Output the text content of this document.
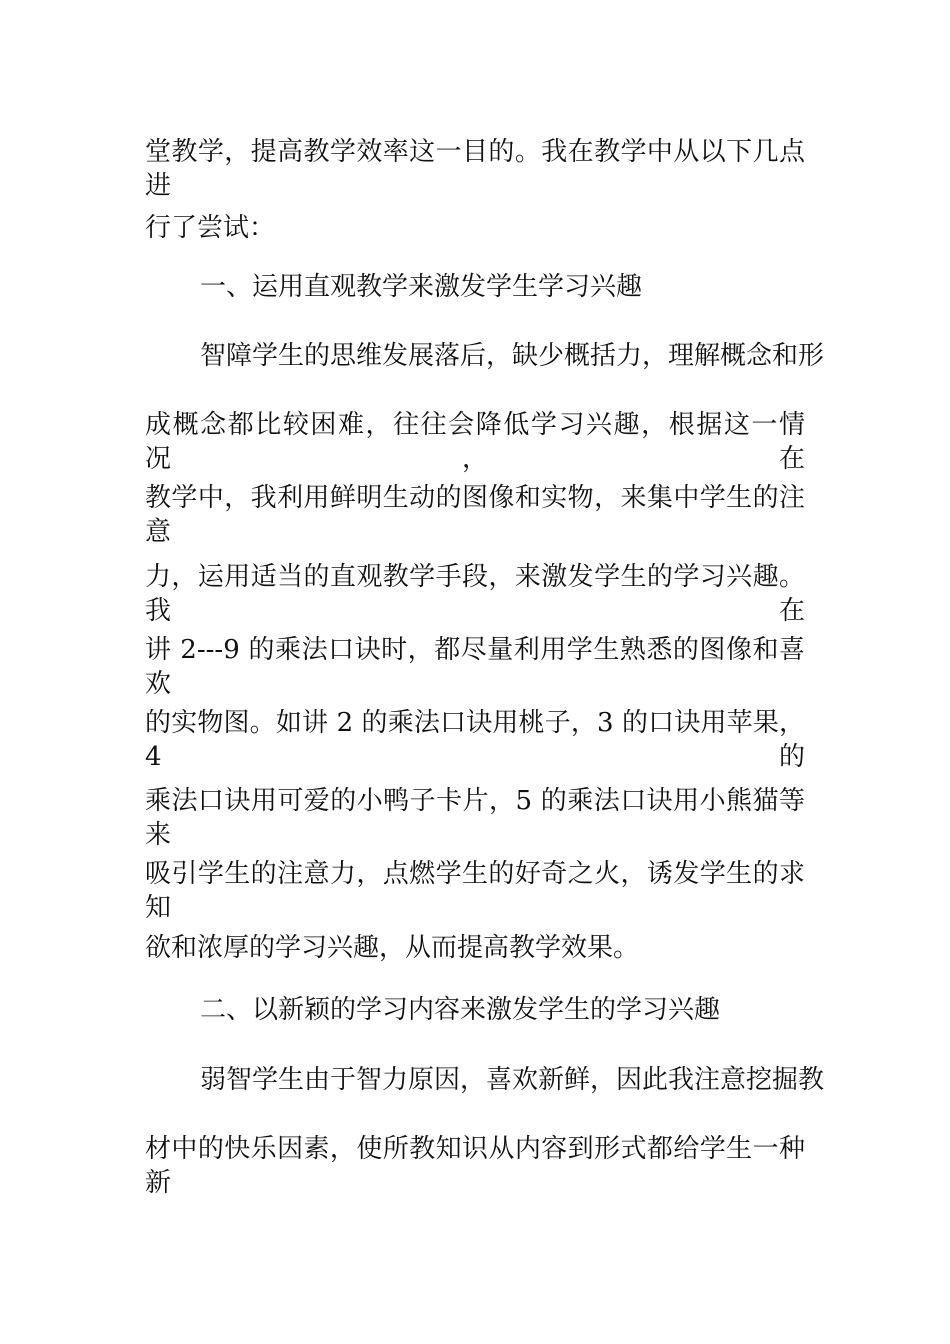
堂教学，提高教学效率这一目的。我在教学中从以下几点进

行了尝试：

一、运用直观教学来激发学生学习兴趣

智障学生的思维发展落后，缺少概括力，理解概念和形

成概念都比较困难，往往会降低学习兴趣，根据这一情况，在

教学中，我利用鲜明生动的图像和实物，来集中学生的注意

力，运用适当的直观教学手段，来激发学生的学习兴趣。我在

讲 2---9 的乘法口诀时，都尽量利用学生熟悉的图像和喜欢

的实物图。如讲 2 的乘法口诀用桃子，3 的口诀用苹果，4 的

乘法口诀用可爱的小鸭子卡片，5 的乘法口诀用小熊猫等来

吸引学生的注意力，点燃学生的好奇之火，诱发学生的求知

欲和浓厚的学习兴趣，从而提高教学效果。

二、以新颖的学习内容来激发学生的学习兴趣

弱智学生由于智力原因，喜欢新鲜，因此我注意挖掘教

材中的快乐因素，使所教知识从内容到形式都给学生一种新
